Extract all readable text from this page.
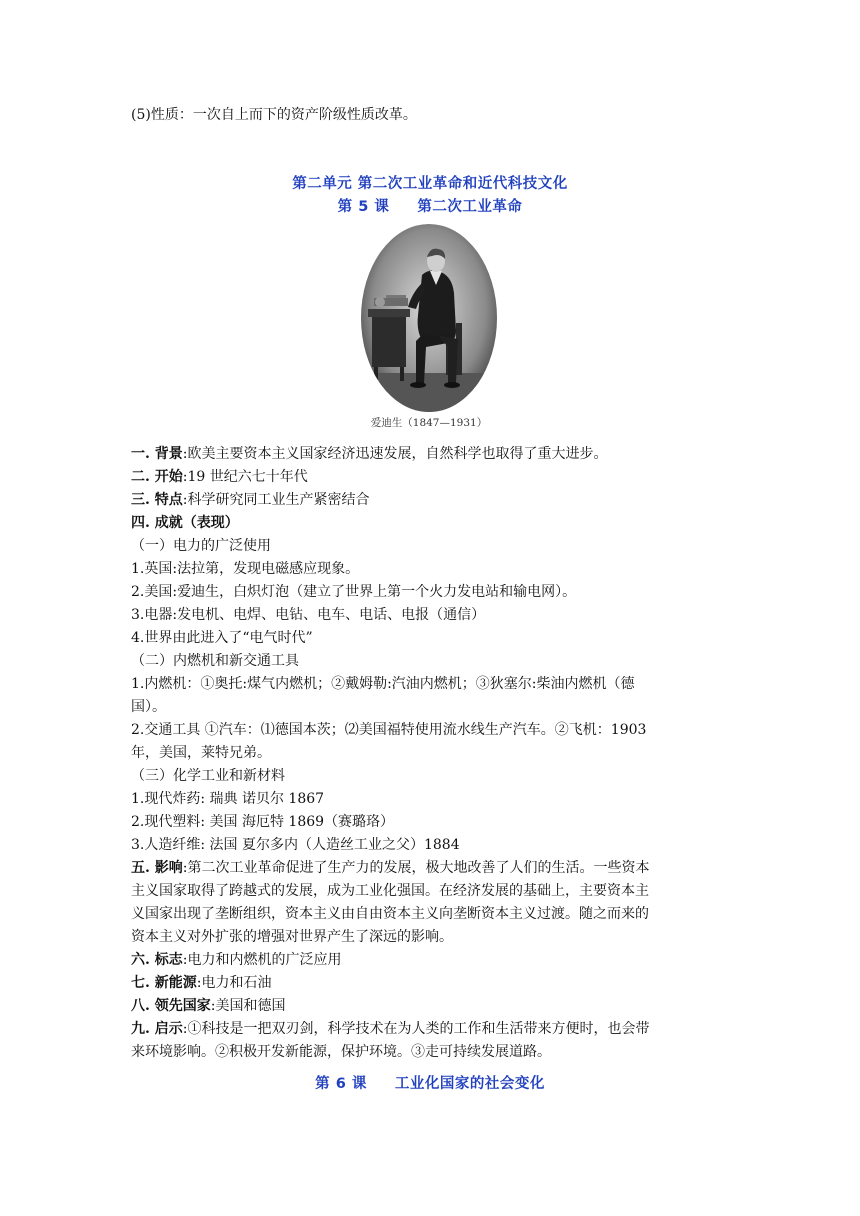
(5)性质：一次自上而下的资产阶级性质改革。
第二单元 第二次工业革命和近代科技文化
第 5 课 第二次工业革命
爱迪生（1847—1931）
一. 背景:欧美主要资本主义国家经济迅速发展，自然科学也取得了重大进步。
二. 开始:19 世纪六七十年代
三. 特点:科学研究同工业生产紧密结合
四. 成就（表现）
（一）电力的广泛使用
1.英国:法拉第，发现电磁感应现象。
2.美国:爱迪生，白炽灯泡（建立了世界上第一个火力发电站和输电网）。
3.电器:发电机、电焊、电钻、电车、电话、电报（通信）
4.世界由此进入了“电气时代”
（二）内燃机和新交通工具
1.内燃机：①奥托:煤气内燃机；②戴姆勒:汽油内燃机；③狄塞尔:柴油内燃机（德
国）。
2.交通工具 ①汽车：⑴德国本茨；⑵美国福特使用流水线生产汽车。②飞机：1903
年，美国，莱特兄弟。
（三）化学工业和新材料
1.现代炸药: 瑞典 诺贝尔 1867
2.现代塑料: 美国 海厄特 1869（赛璐珞）
3.人造纤维: 法国 夏尔多内（人造丝工业之父）1884
五. 影响:第二次工业革命促进了生产力的发展，极大地改善了人们的生活。一些资本
主义国家取得了跨越式的发展，成为工业化强国。在经济发展的基础上，主要资本主
义国家出现了垄断组织，资本主义由自由资本主义向垄断资本主义过渡。随之而来的
资本主义对外扩张的增强对世界产生了深远的影响。
六. 标志:电力和内燃机的广泛应用
七. 新能源:电力和石油
八. 领先国家:美国和德国
九. 启示:①科技是一把双刃剑，科学技术在为人类的工作和生活带来方便时，也会带
来环境影响。②积极开发新能源，保护环境。③走可持续发展道路。
第 6 课 工业化国家的社会变化
